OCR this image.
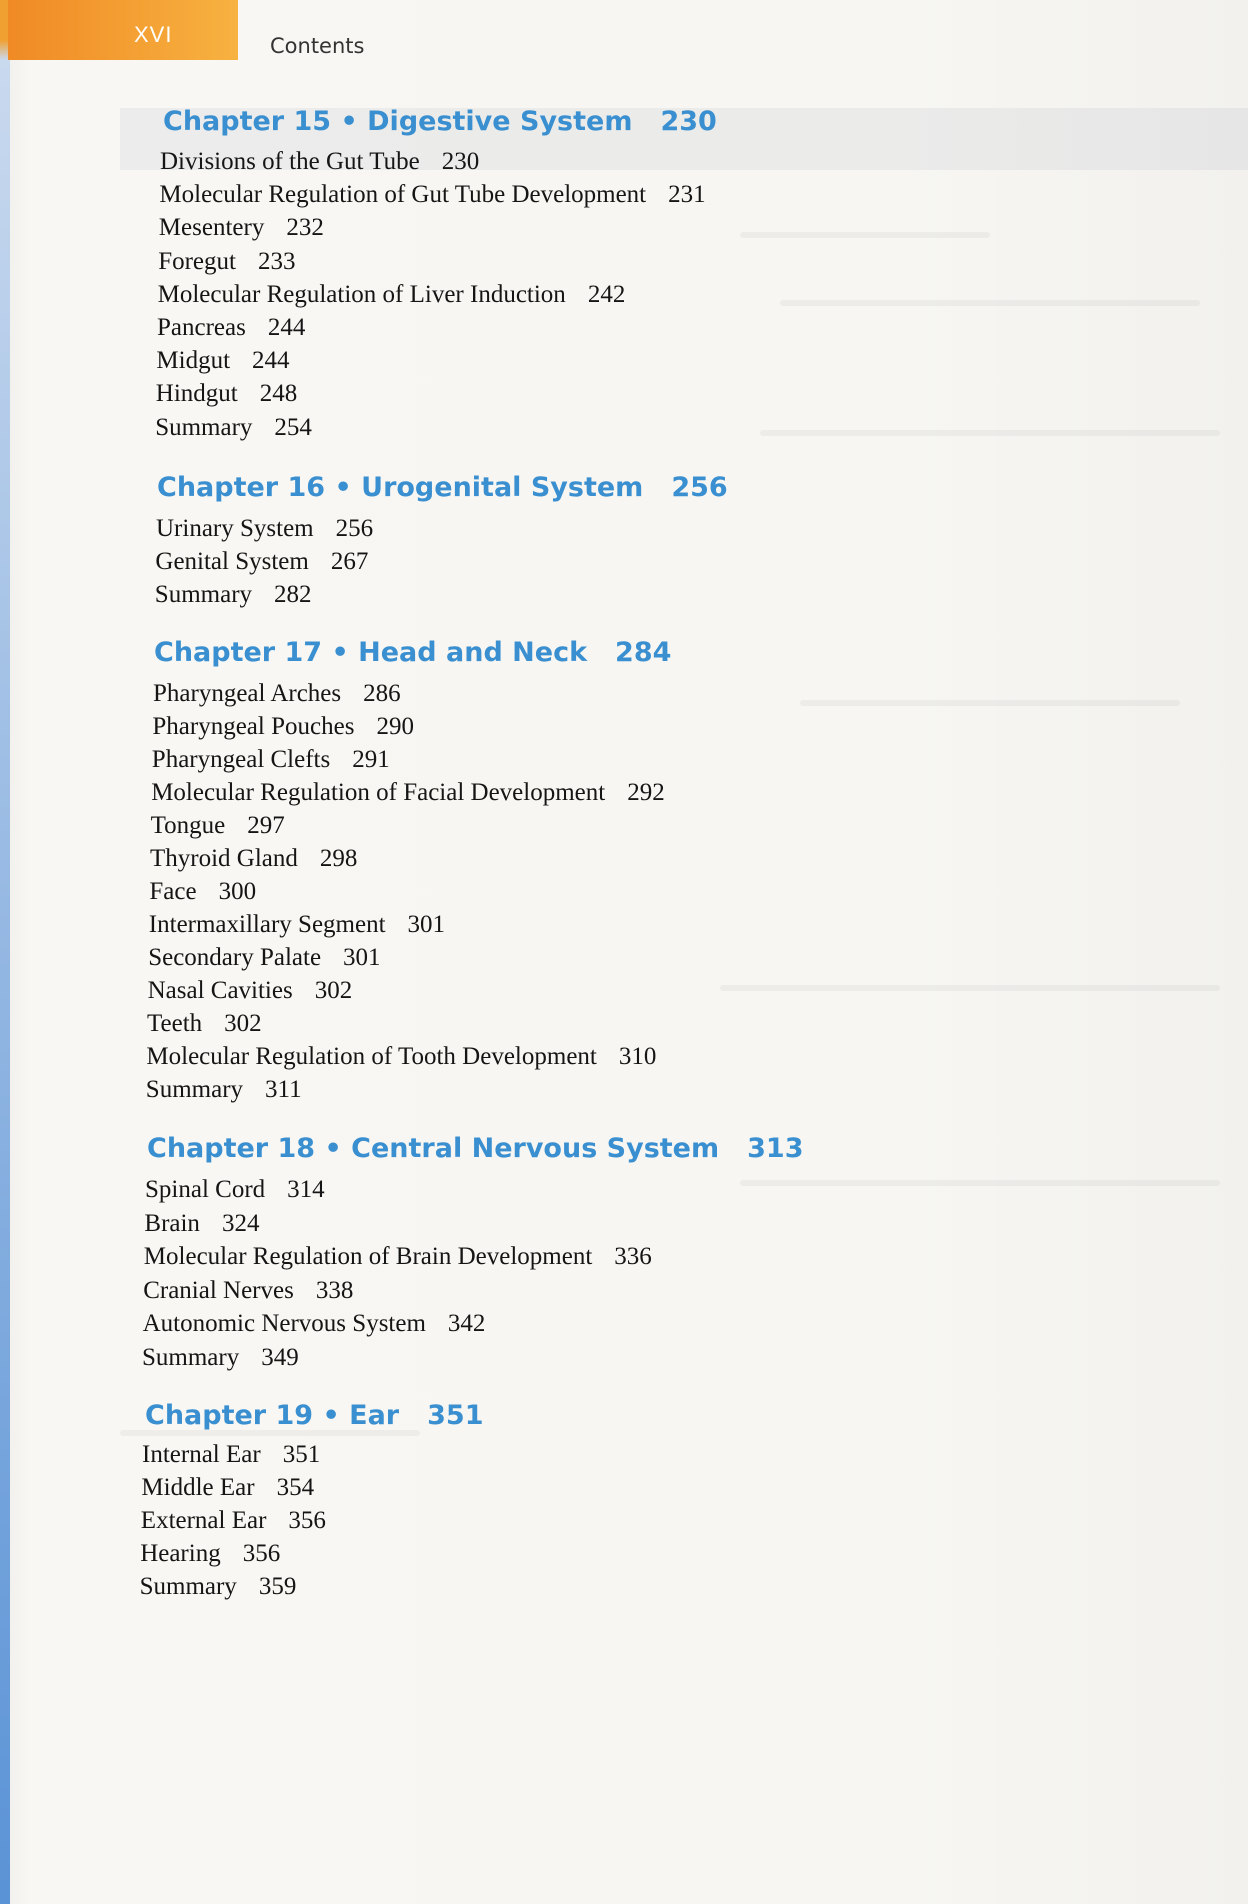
XVI	Contents
Chapter 15 • Digestive System 230
Divisions of the Gut Tube 230
Molecular Regulation of Gut Tube Development 231
Mesentery 232
Foregut 233
Molecular Regulation of Liver Induction 242
Pancreas 244
Midgut 244
Hindgut 248
Summary 254
Chapter 16 • Urogenital System 256
Urinary System 256
Genital System 267
Summary 282
Chapter 17 • Head and Neck 284
Pharyngeal Arches 286
Pharyngeal Pouches 290
Pharyngeal Clefts 291
Molecular Regulation of Facial Development 292
Tongue 297
Thyroid Gland 298
Face 300
Intermaxillary Segment 301
Secondary Palate 301
Nasal Cavities 302
Teeth 302
Molecular Regulation of Tooth Development 310
Summary 311
Chapter 18 • Central Nervous System 313
Spinal Cord 314
Brain 324
Molecular Regulation of Brain Development 336
Cranial Nerves 338
Autonomic Nervous System 342
Summary 349
Chapter 19 • Ear 351
Internal Ear 351
Middle Ear 354
External Ear 356
Hearing 356
Summary 359
